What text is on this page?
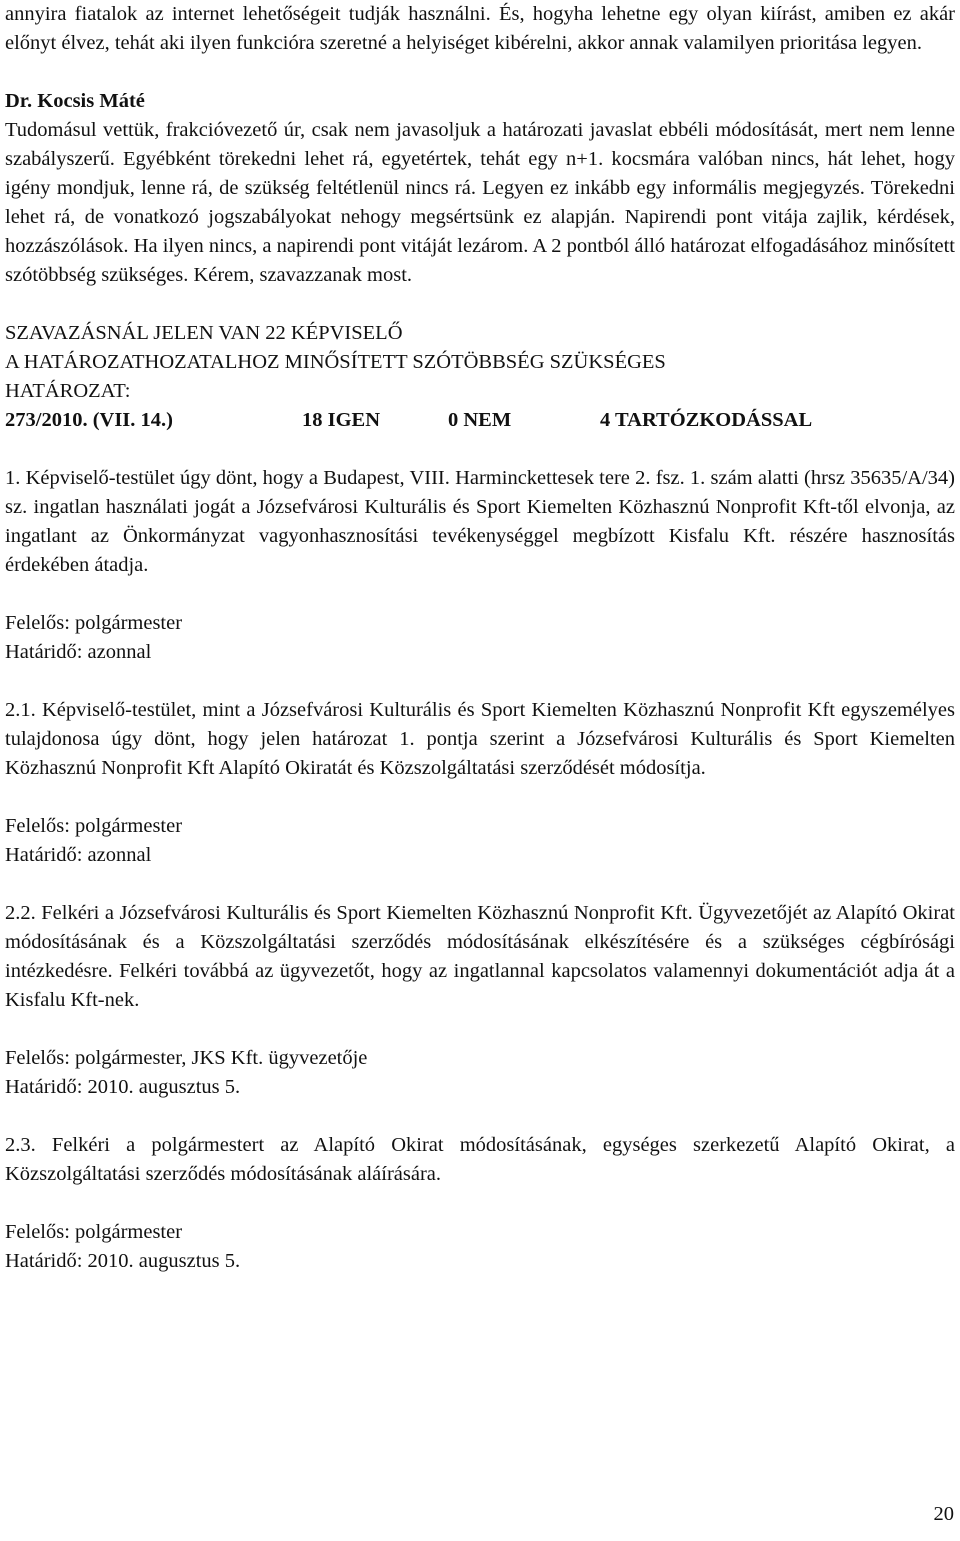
annyira fiatalok az internet lehetőségeit tudják használni. És, hogyha lehetne egy olyan kiírást, amiben ez akár előnyt élvez, tehát aki ilyen funkcióra szeretné a helyiséget kibérelni, akkor annak valamilyen prioritása legyen.

Dr. Kocsis Máté

Tudomásul vettük, frakcióvezető úr, csak nem javasoljuk a határozati javaslat ebbéli módosítását, mert nem lenne szabályszerű. Egyébként törekedni lehet rá, egyetértek, tehát egy n+1. kocsmára valóban nincs, hát lehet, hogy igény mondjuk, lenne rá, de szükség feltétlenül nincs rá. Legyen ez inkább egy informális megjegyzés. Törekedni lehet rá, de vonatkozó jogszabályokat nehogy megsértsünk ez alapján. Napirendi pont vitája zajlik, kérdések, hozzászólások. Ha ilyen nincs, a napirendi pont vitáját lezárom. A 2 pontból álló határozat elfogadásához minősített szótöbbség szükséges. Kérem, szavazzanak most.

SZAVAZÁSNÁL JELEN VAN 22 KÉPVISELŐ

A HATÁROZATHOZATALHOZ MINŐSÍTETT SZÓTÖBBSÉG SZÜKSÉGES

HATÁROZAT:

273/2010. (VII. 14.)	18 IGEN	0 NEM	4 TARTÓZKODÁSSAL

1. Képviselő-testület úgy dönt, hogy a Budapest, VIII. Harminckettesek tere 2. fsz. 1. szám alatti (hrsz 35635/A/34) sz. ingatlan használati jogát a Józsefvárosi Kulturális és Sport Kiemelten Közhasznú Nonprofit Kft-től elvonja, az ingatlant az Önkormányzat vagyonhasznosítási tevékenységgel megbízott Kisfalu Kft. részére hasznosítás érdekében átadja.

Felelős: polgármester

Határidő: azonnal

2.1. Képviselő-testület, mint a Józsefvárosi Kulturális és Sport Kiemelten Közhasznú Nonprofit Kft egyszemélyes tulajdonosa úgy dönt, hogy jelen határozat 1. pontja szerint a Józsefvárosi Kulturális és Sport Kiemelten Közhasznú Nonprofit Kft Alapító Okiratát és Közszolgáltatási szerződését módosítja.

Felelős: polgármester

Határidő: azonnal

2.2. Felkéri a Józsefvárosi Kulturális és Sport Kiemelten Közhasznú Nonprofit Kft. Ügyvezetőjét az Alapító Okirat módosításának és a Közszolgáltatási szerződés módosításának elkészítésére és a szükséges cégbírósági intézkedésre. Felkéri továbbá az ügyvezetőt, hogy az ingatlannal kapcsolatos valamennyi dokumentációt adja át a Kisfalu Kft-nek.

Felelős: polgármester, JKS Kft. ügyvezetője

Határidő: 2010. augusztus 5.

2.3. Felkéri a polgármestert az Alapító Okirat módosításának, egységes szerkezetű Alapító Okirat, a Közszolgáltatási szerződés módosításának aláírására.

Felelős: polgármester

Határidő: 2010. augusztus 5.

20
